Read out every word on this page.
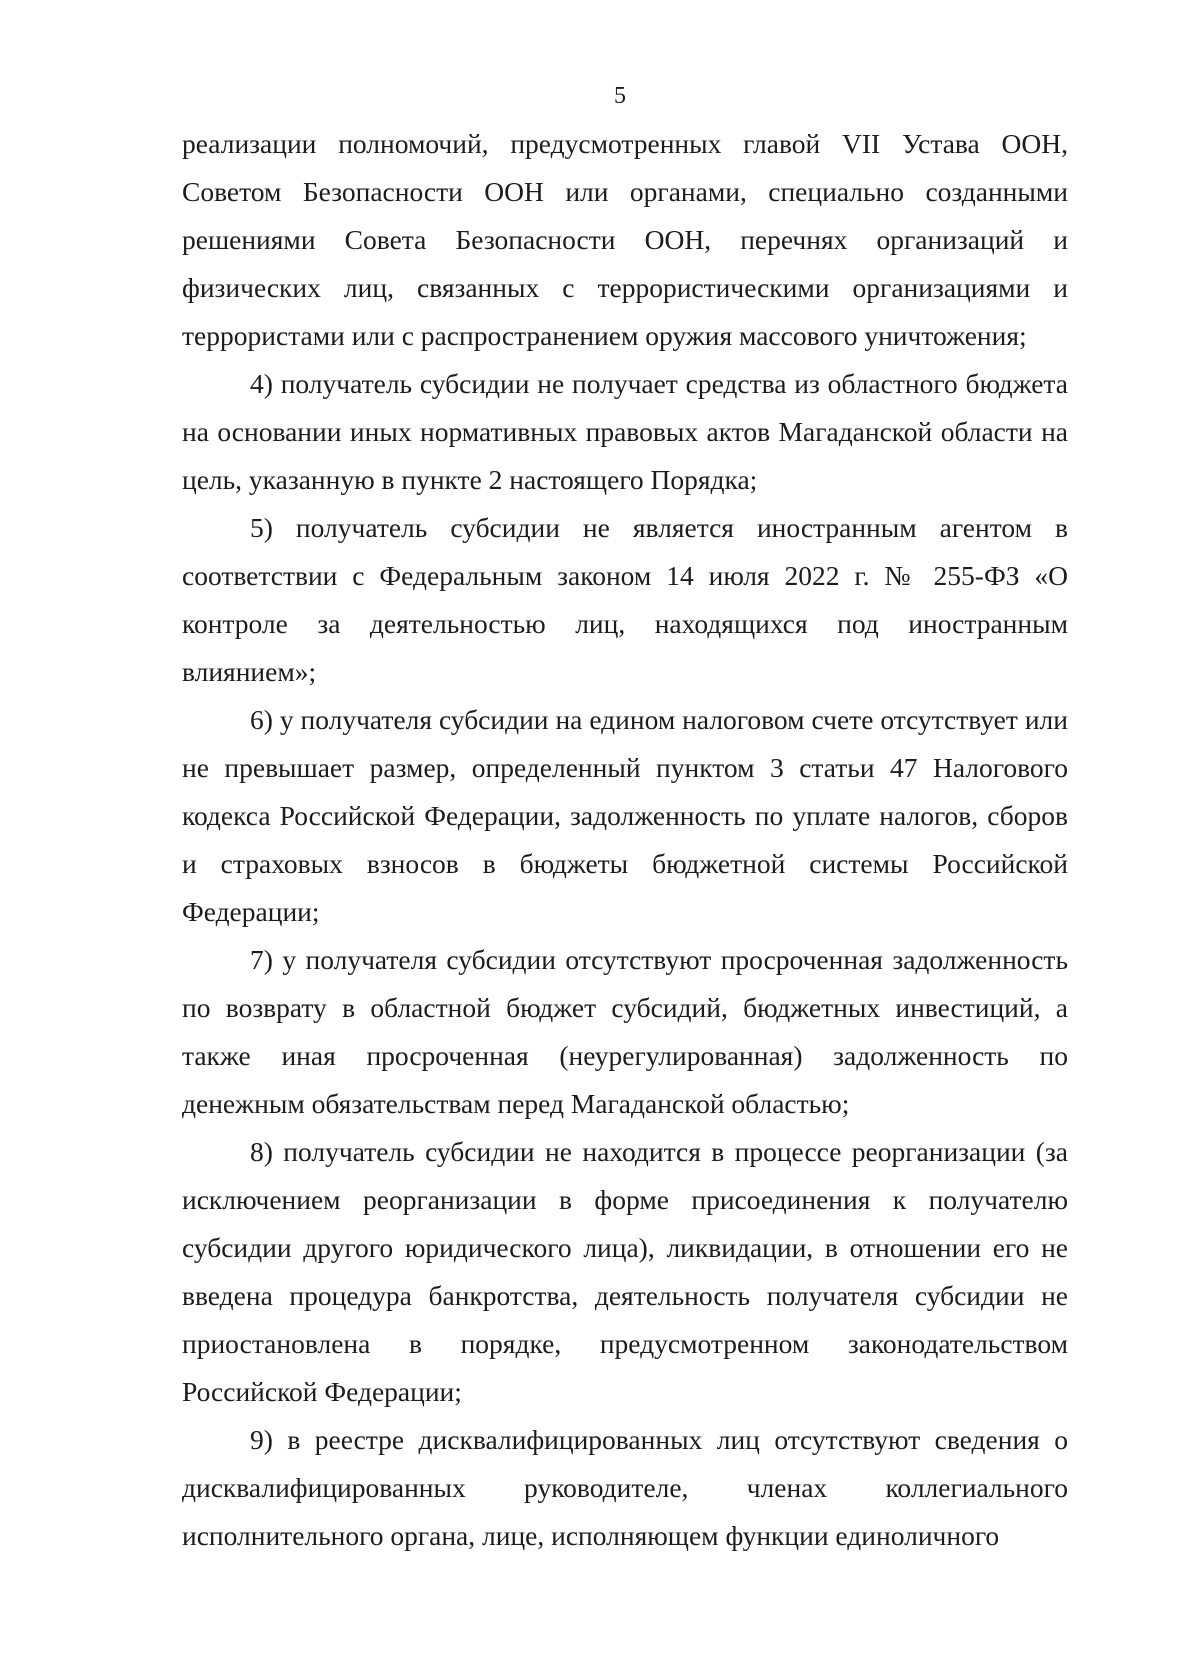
5

реализации полномочий, предусмотренных главой VII Устава ООН, Советом Безопасности ООН или органами, специально созданными решениями Совета Безопасности ООН, перечнях организаций и физических лиц, связанных с террористическими организациями и террористами или с распространением оружия массового уничтожения;

4) получатель субсидии не получает средства из областного бюджета на основании иных нормативных правовых актов Магаданской области на цель, указанную в пункте 2 настоящего Порядка;

5) получатель субсидии не является иностранным агентом в соответствии с Федеральным законом 14 июля 2022 г. № 255-ФЗ «О контроле за деятельностью лиц, находящихся под иностранным влиянием»;

6) у получателя субсидии на едином налоговом счете отсутствует или не превышает размер, определенный пунктом 3 статьи 47 Налогового кодекса Российской Федерации, задолженность по уплате налогов, сборов и страховых взносов в бюджеты бюджетной системы Российской Федерации;

7) у получателя субсидии отсутствуют просроченная задолженность по возврату в областной бюджет субсидий, бюджетных инвестиций, а также иная просроченная (неурегулированная) задолженность по денежным обязательствам перед Магаданской областью;

8) получатель субсидии не находится в процессе реорганизации (за исключением реорганизации в форме присоединения к получателю субсидии другого юридического лица), ликвидации, в отношении его не введена процедура банкротства, деятельность получателя субсидии не приостановлена в порядке, предусмотренном законодательством Российской Федерации;

9) в реестре дисквалифицированных лиц отсутствуют сведения о дисквалифицированных руководителе, членах коллегиального исполнительного органа, лице, исполняющем функции единоличного
